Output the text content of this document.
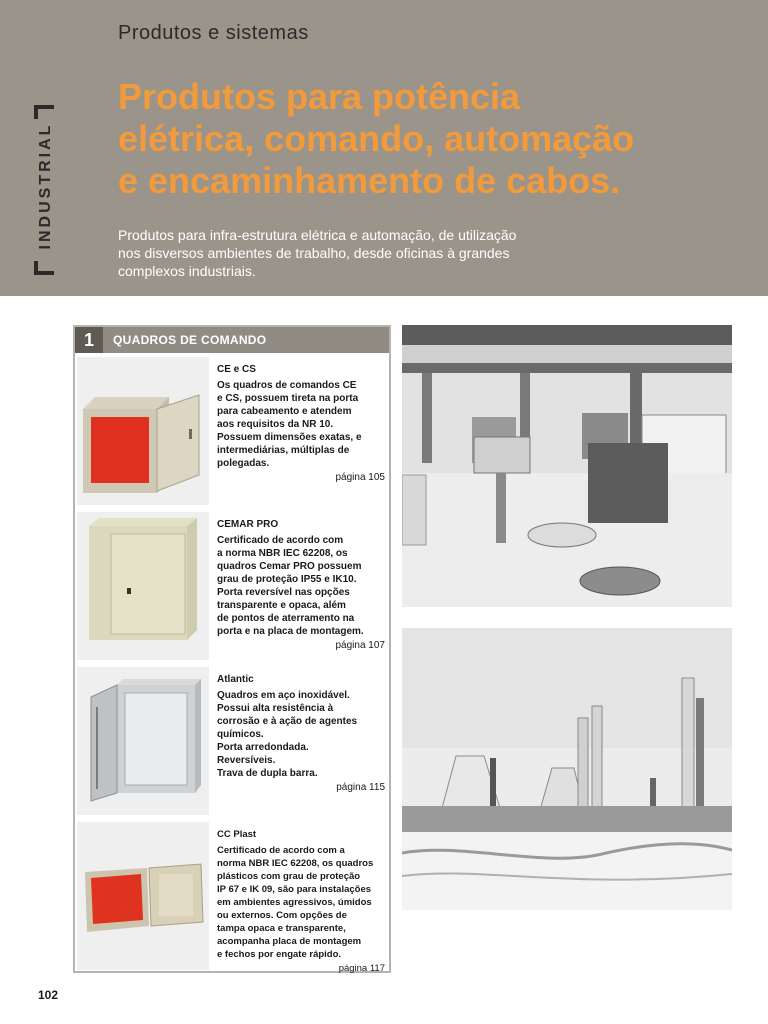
INDUSTRIAL
Produtos e sistemas
Produtos para potência
elétrica, comando, automação
e encaminhamento de cabos.
Produtos para infra-estrutura elétrica e automação, de utilização
nos disversos ambientes de trabalho, desde oficinas à grandes
complexos industriais.
1	QUADROS DE COMANDO
CE e CS
Os quadros de comandos CE
e CS, possuem tireta na porta
para cabeamento e atendem
aos requisitos da NR 10.
Possuem dimensões exatas, e
intermediárias, múltiplas de
polegadas.
página 105
CEMAR PRO
Certificado de acordo com
a norma NBR IEC 62208, os
quadros Cemar PRO possuem
grau de proteção IP55 e IK10.
Porta reversível nas opções
transparente e opaca, além
de pontos de aterramento na
porta e na placa de montagem.
página 107
Atlantic
Quadros em aço inoxidável.
Possui alta resistência à
corrosão e à ação de agentes
químicos.
Porta arredondada.
Reversíveis.
Trava de dupla barra.
página 115
CC Plast
Certificado de acordo com a
norma NBR IEC 62208, os quadros
plásticos com grau de proteção
IP 67 e IK 09, são para instalações
em ambientes agressivos, úmidos
ou externos. Com opções de
tampa opaca e transparente,
acompanha placa de montagem
e fechos por engate rápido.
página 117
102
